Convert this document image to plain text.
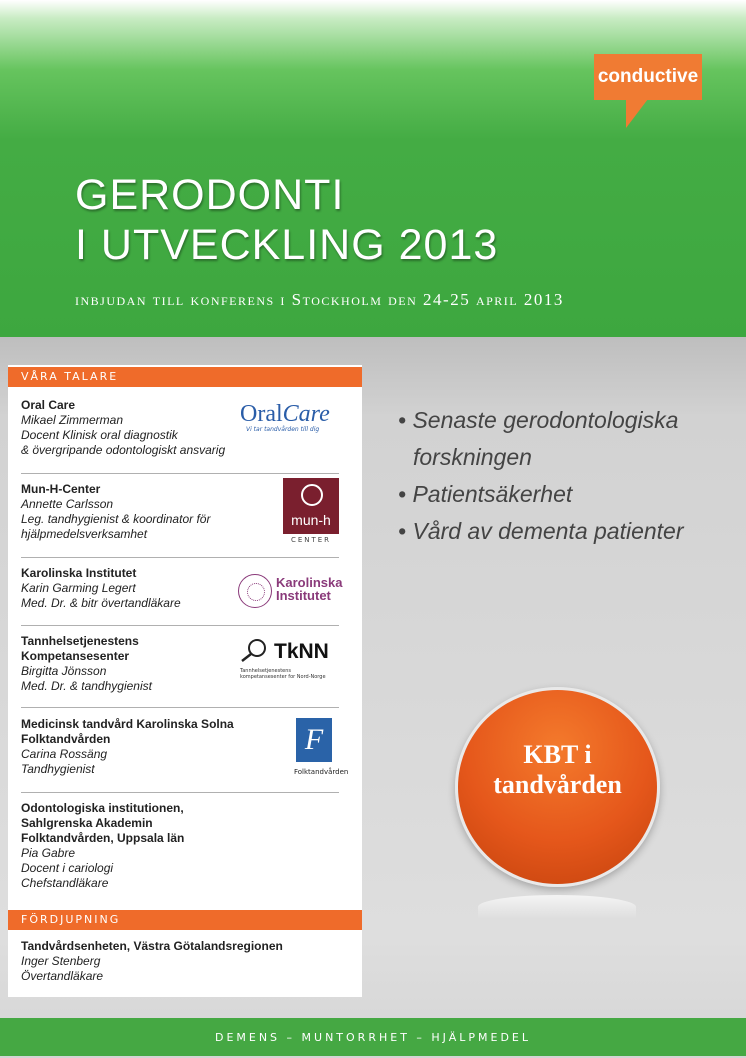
conductive
GERODONTI
I UTVECKLING 2013

inbjudan till konferens i Stockholm den 24-25 april 2013

VÅRA TALARE
Oral Care
Mikael Zimmerman
Docent Klinisk oral diagnostik
& övergripande odontologiskt ansvarig
OralCare
Vi tar tandvården till dig
Mun-H-Center
Annette Carlsson
Leg. tandhygienist & koordinator för
hjälpmedelsverksamhet
mun-h
CENTER
Karolinska Institutet
Karin Garming Legert
Med. Dr. & bitr övertandläkare
Karolinska
Institutet
Tannhelsetjenestens
Kompetansesenter
Birgitta Jönsson
Med. Dr. & tandhygienist
TkNN
Tannhelsetjenestens
kompetansesenter for Nord-Norge
Medicinsk tandvård Karolinska Solna
Folktandvården
Carina Rossäng
Tandhygienist
F
Folktandvården
Odontologiska institutionen,
Sahlgrenska Akademin
Folktandvården, Uppsala län
Pia Gabre
Docent i cariologi
Chefstandläkare
FÖRDJUPNING
Tandvårdsenheten, Västra Götalandsregionen
Inger Stenberg
Övertandläkare
• Senaste gerodontologiska forskningen
• Patientsäkerhet
• Vård av dementa patienter
KBT i
tandvården
DEMENS – MUNTORRHET – HJÄLPMEDEL
